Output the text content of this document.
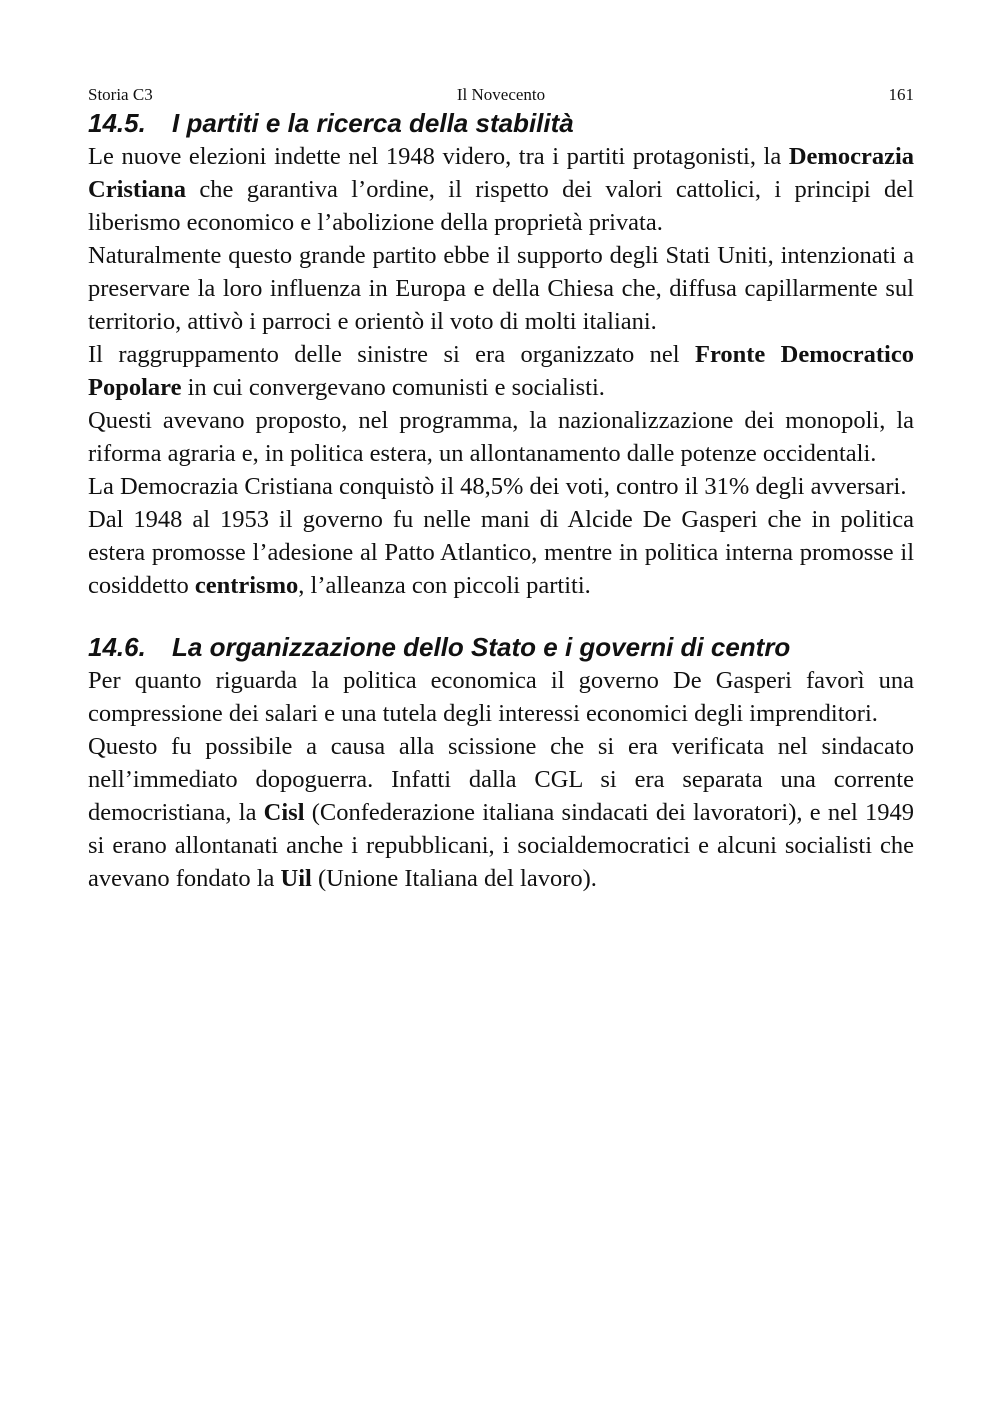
Storia C3	Il Novecento	161
14.5. I partiti e la ricerca della stabilità

Le nuove elezioni indette nel 1948 videro, tra i partiti protagonisti, la Democrazia Cristiana che garantiva l’ordine, il rispetto dei valori cattolici, i principi del liberismo economico e l’abolizione della proprietà privata.

Naturalmente questo grande partito ebbe il supporto degli Stati Uniti, intenzionati a preservare la loro influenza in Europa e della Chiesa che, diffusa capillarmente sul territorio, attivò i parroci e orientò il voto di molti italiani.

Il raggruppamento delle sinistre si era organizzato nel Fronte Democratico Popolare in cui convergevano comunisti e socialisti.

Questi avevano proposto, nel programma, la nazionalizzazione dei monopoli, la riforma agraria e, in politica estera, un allontanamento dalle potenze occidentali.

La Democrazia Cristiana conquistò il 48,5% dei voti, contro il 31% degli avversari.

Dal 1948 al 1953 il governo fu nelle mani di Alcide De Gasperi che in politica estera promosse l’adesione al Patto Atlantico, mentre in politica interna promosse il cosiddetto centrismo, l’alleanza con piccoli partiti.

14.6. La organizzazione dello Stato e i governi di centro

Per quanto riguarda la politica economica il governo De Gasperi favorì una compressione dei salari e una tutela degli interessi economici degli imprenditori.

Questo fu possibile a causa alla scissione che si era verificata nel sindacato nell’immediato dopoguerra. Infatti dalla CGL si era separata una corrente democristiana, la Cisl (Confederazione italiana sindacati dei lavoratori), e nel 1949 si erano allontanati anche i repubblicani, i socialdemocratici e alcuni socialisti che avevano fondato la Uil (Unione Italiana del lavoro).
